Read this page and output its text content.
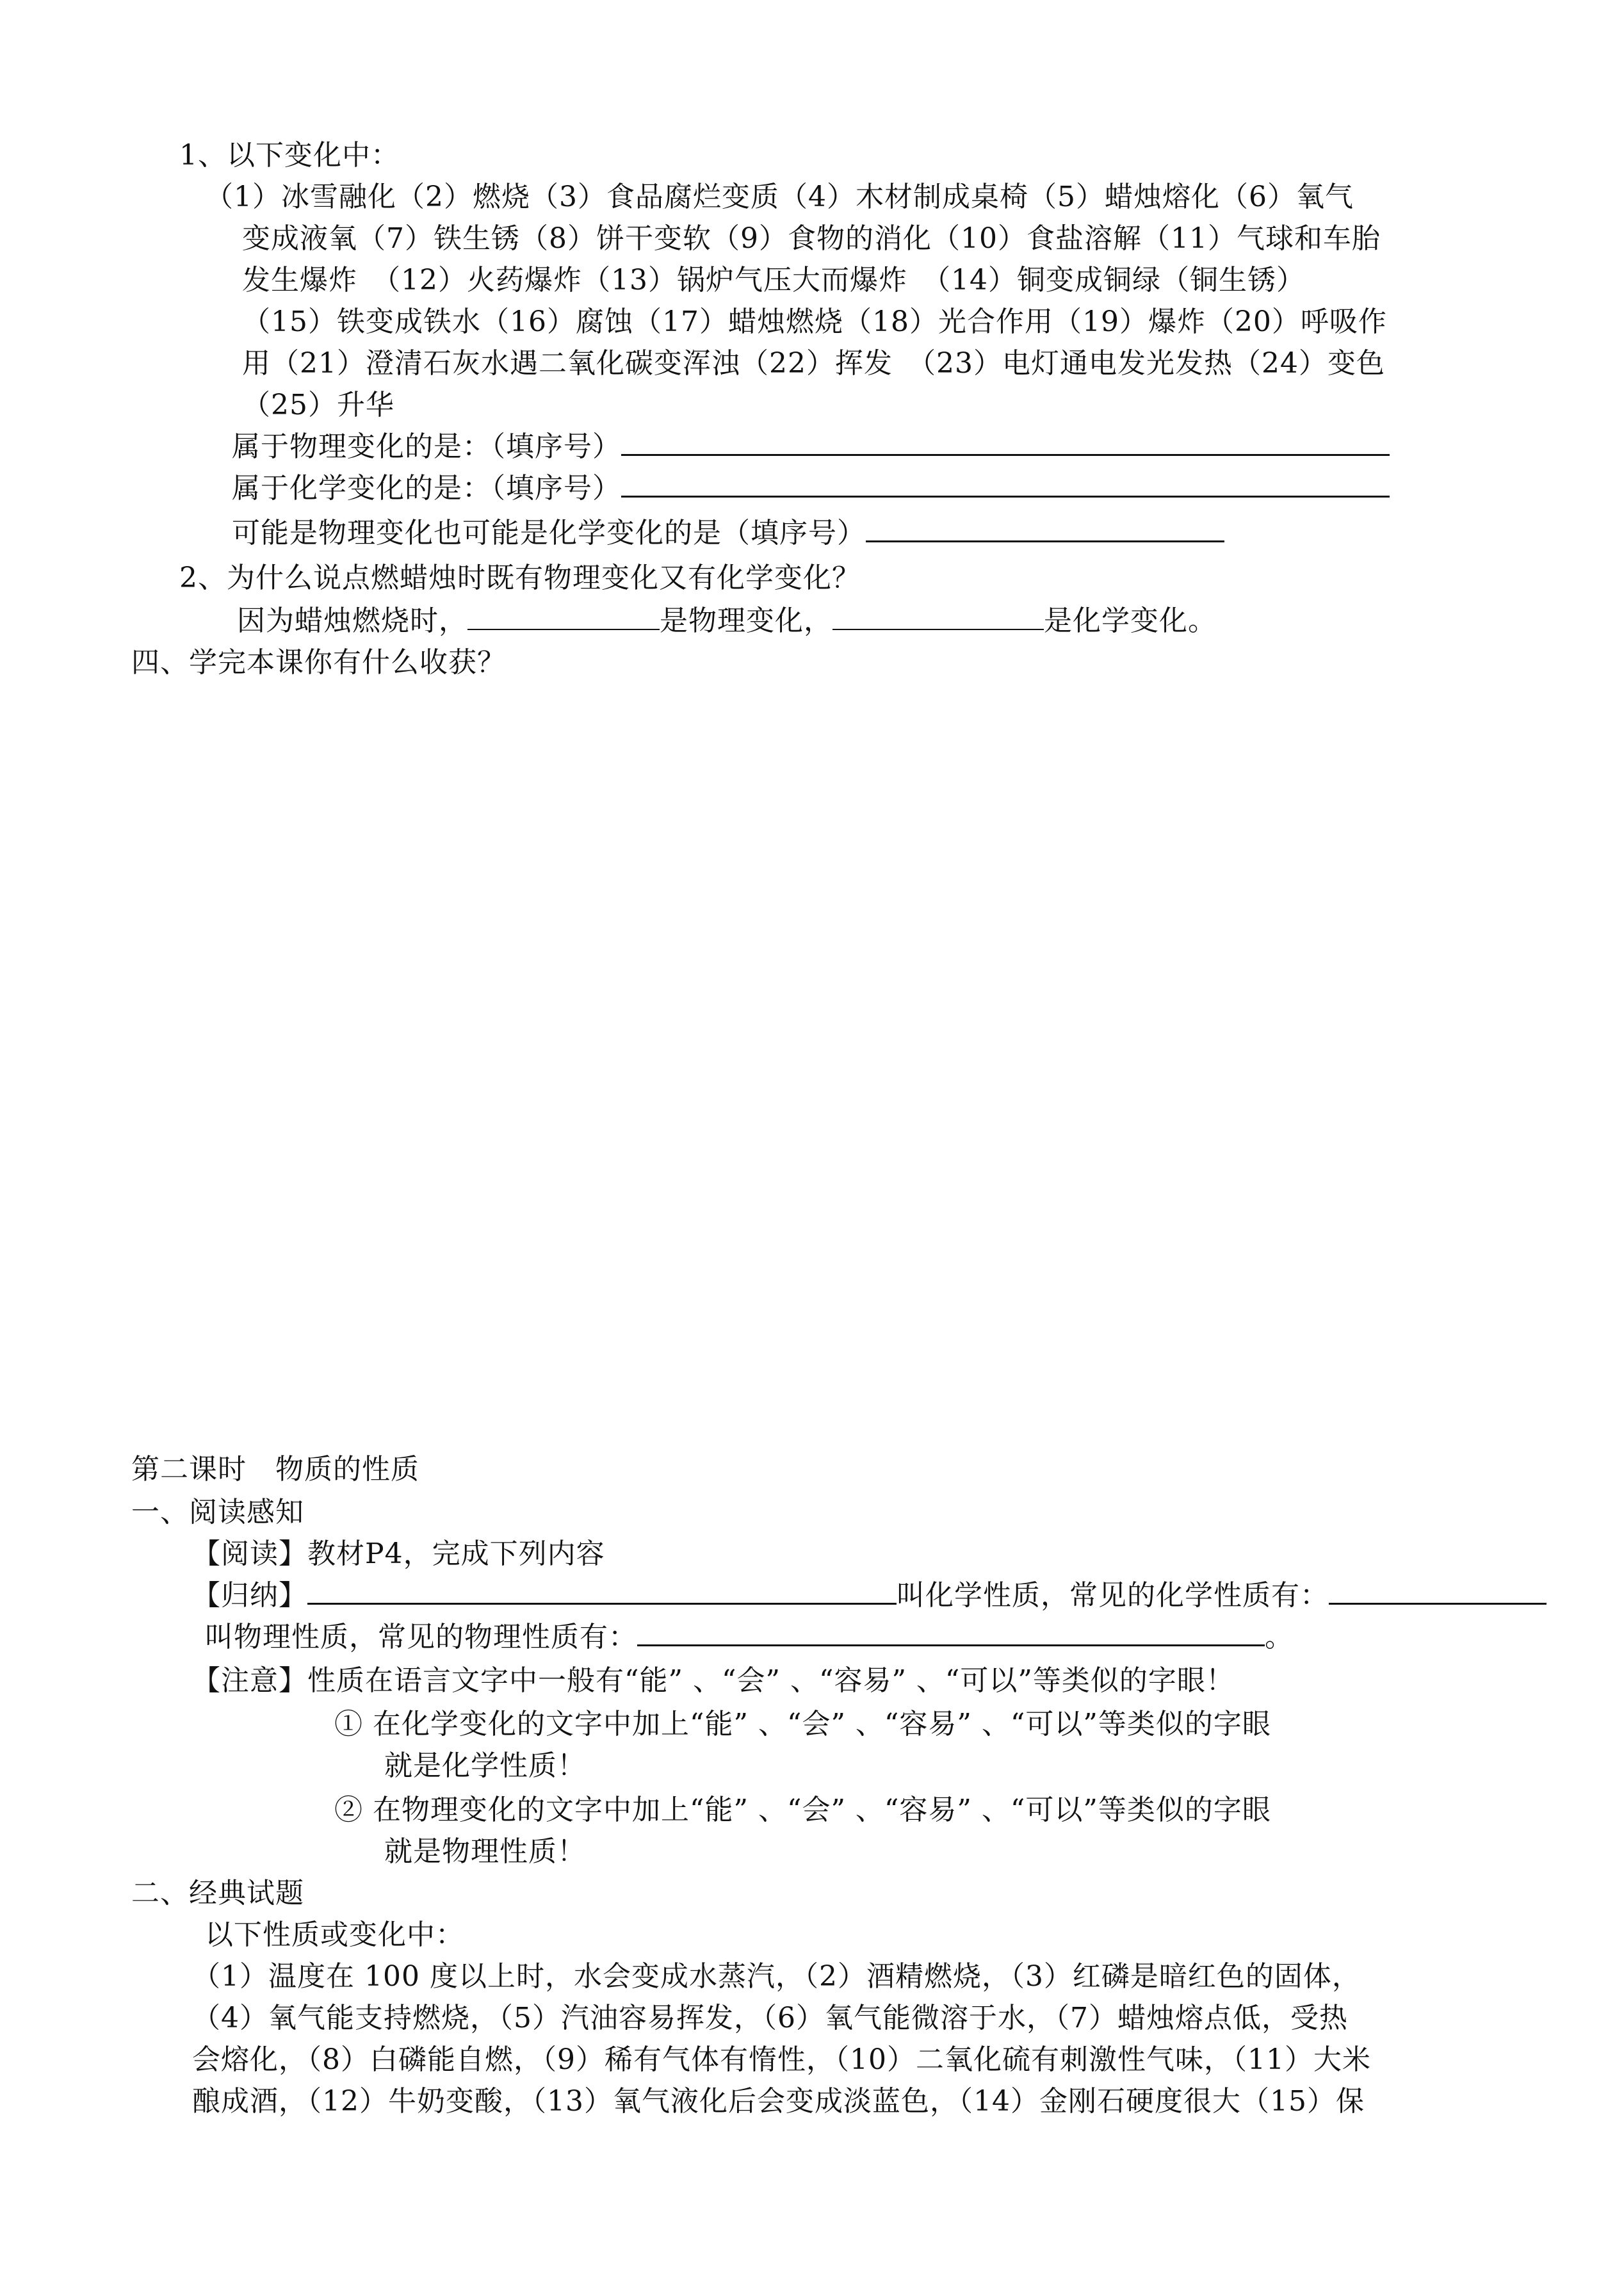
1、以下变化中：
（1）冰雪融化（2）燃烧（3）食品腐烂变质（4）木材制成桌椅（5）蜡烛熔化（6）氧气
变成液氧（7）铁生锈（8）饼干变软（9）食物的消化（10）食盐溶解（11）气球和车胎
发生爆炸　（12）火药爆炸（13）锅炉气压大而爆炸　（14）铜变成铜绿（铜生锈）
（15）铁变成铁水（16）腐蚀（17）蜡烛燃烧（18）光合作用（19）爆炸（20）呼吸作
用（21）澄清石灰水遇二氧化碳变浑浊（22）挥发　（23）电灯通电发光发热（24）变色
（25）升华
属于物理变化的是：（填序号）
属于化学变化的是：（填序号）
可能是物理变化也可能是化学变化的是（填序号）
2、为什么说点燃蜡烛时既有物理变化又有化学变化？
因为蜡烛燃烧时，	是物理变化，	是化学变化。
四、学完本课你有什么收获？
第二课时　物质的性质
一、阅读感知
【阅读】教材P4，完成下列内容
【归纳】	叫化学性质，常见的化学性质有：
叫物理性质，常见的物理性质有：	。
【注意】性质在语言文字中一般有“能” 、“会” 、“容易” 、“可以”等类似的字眼！
① 在化学变化的文字中加上“能” 、“会” 、“容易” 、“可以”等类似的字眼
就是化学性质！
② 在物理变化的文字中加上“能” 、“会” 、“容易” 、“可以”等类似的字眼
就是物理性质！
二、经典试题
以下性质或变化中：
（1）温度在 100 度以上时，水会变成水蒸汽，（2）酒精燃烧，（3）红磷是暗红色的固体，
（4）氧气能支持燃烧，（5）汽油容易挥发，（6）氧气能微溶于水，（7）蜡烛熔点低，受热
会熔化，（8）白磷能自燃，（9）稀有气体有惰性，（10）二氧化硫有刺激性气味，（11）大米
酿成酒，（12）牛奶变酸，（13）氧气液化后会变成淡蓝色，（14）金刚石硬度很大（15）保
